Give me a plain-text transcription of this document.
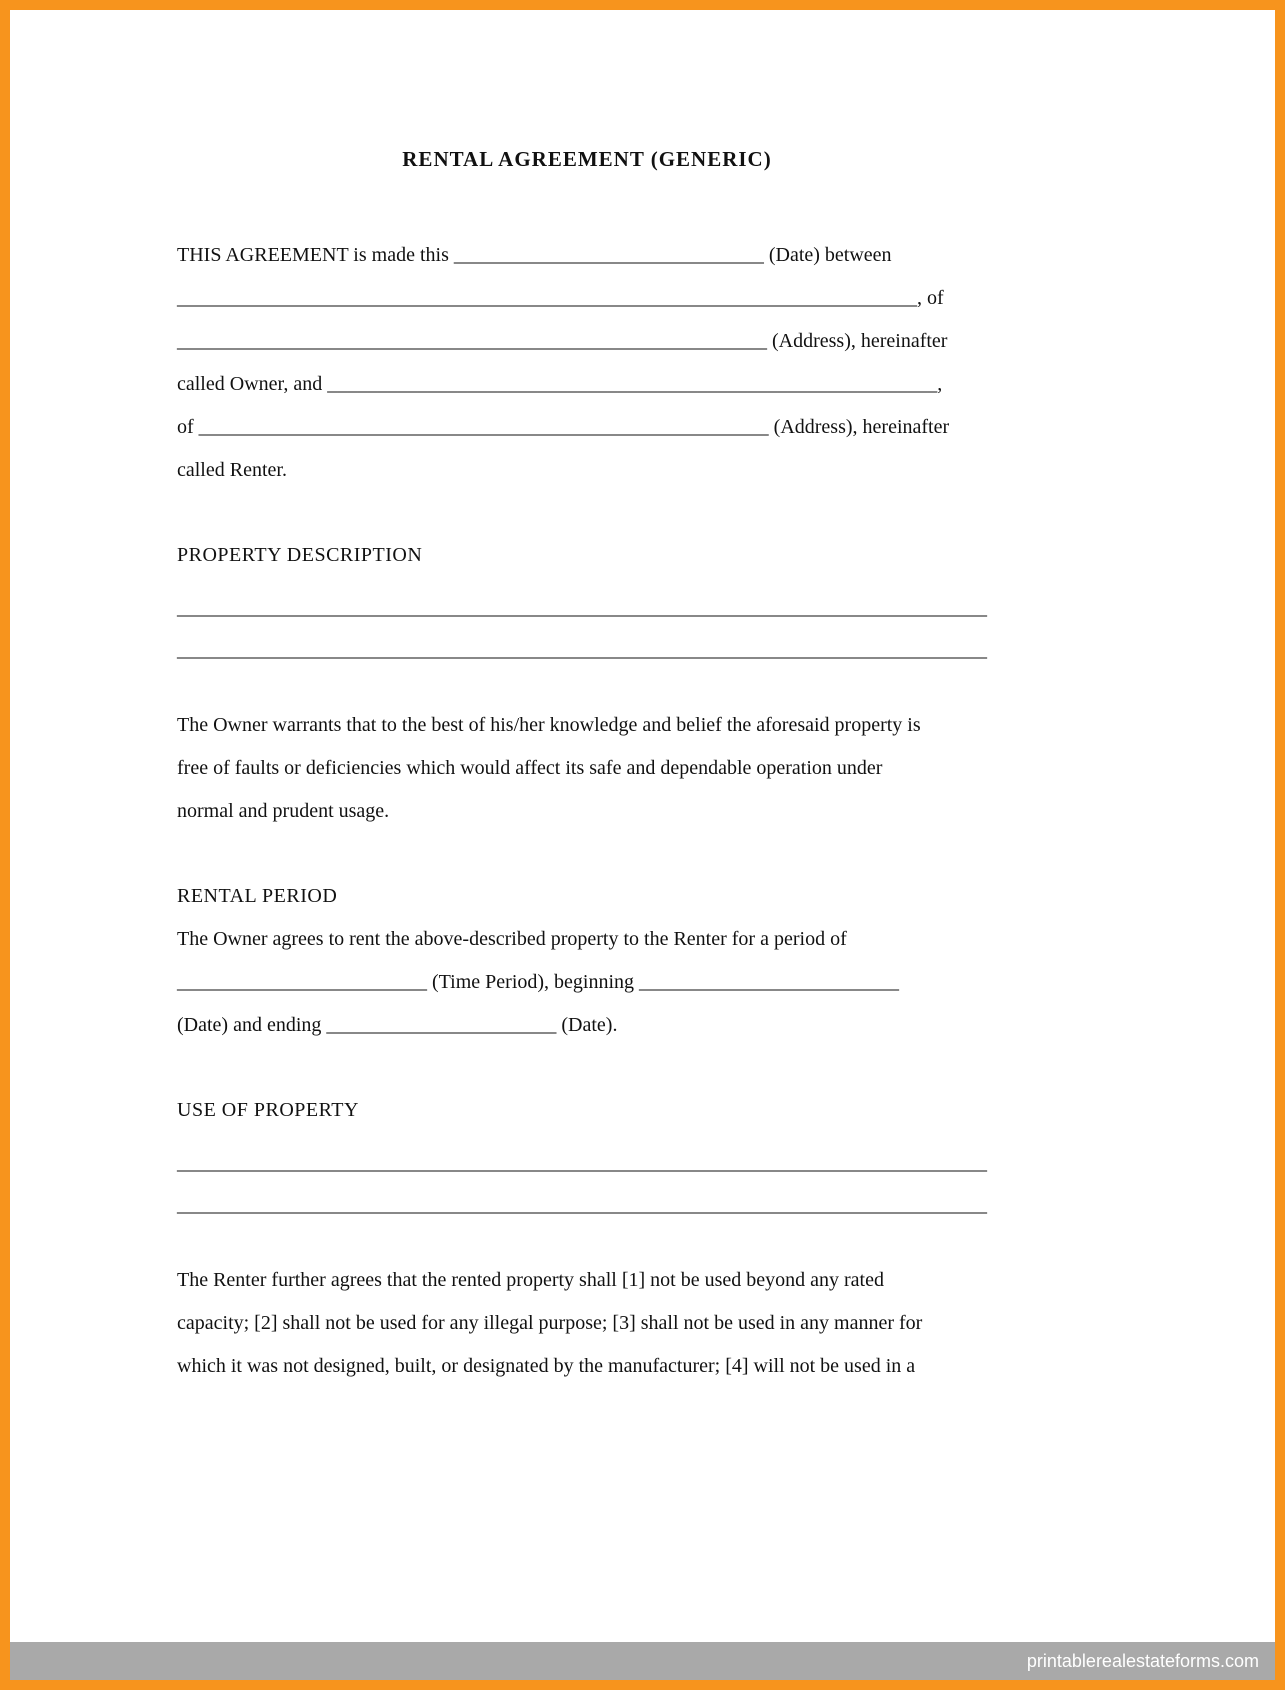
RENTAL AGREEMENT (GENERIC)
THIS AGREEMENT is made this _______________________________ (Date) between
__________________________________________________________________________, of
___________________________________________________________ (Address), hereinafter
called Owner, and _____________________________________________________________,
of _________________________________________________________ (Address), hereinafter
called Renter.
PROPERTY DESCRIPTION
_________________________________________________________________________________
_________________________________________________________________________________
The Owner warrants that to the best of his/her knowledge and belief the aforesaid property is
free of faults or deficiencies which would affect its safe and dependable operation under
normal and prudent usage.
RENTAL PERIOD
The Owner agrees to rent the above-described property to the Renter for a period of
_________________________ (Time Period), beginning __________________________
(Date) and ending _______________________ (Date).
USE OF PROPERTY
_________________________________________________________________________________
_________________________________________________________________________________
The Renter further agrees that the rented property shall [1] not be used beyond any rated
capacity; [2] shall not be used for any illegal purpose; [3] shall not be used in any manner for
which it was not designed, built, or designated by the manufacturer; [4] will not be used in a
printablerealestateforms.com
